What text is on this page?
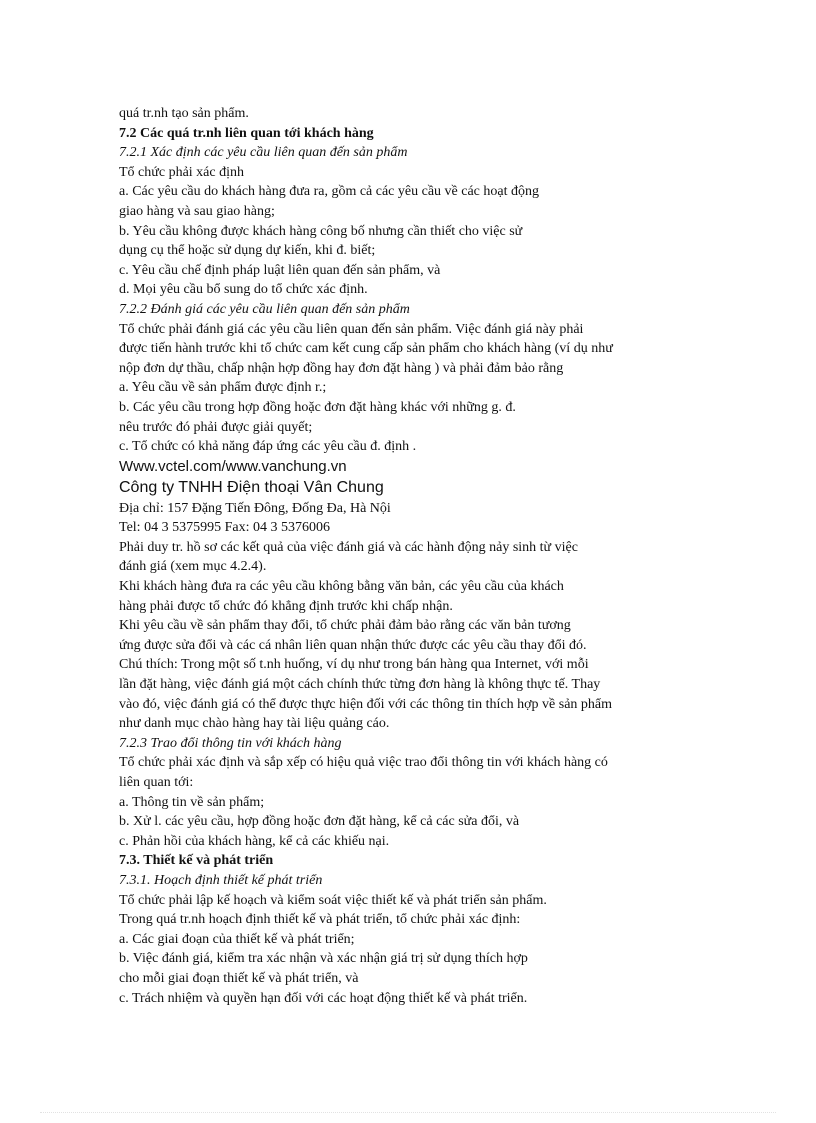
quá tr.nh tạo sản phẩm.
7.2 Các quá tr.nh liên quan tới khách hàng
7.2.1 Xác định các yêu cầu liên quan đến sản phẩm
Tổ chức phải xác định
a. Các yêu cầu do khách hàng đưa ra, gồm cả các yêu cầu về các hoạt động
giao hàng và sau giao hàng;
b. Yêu cầu không được khách hàng công bố nhưng cần thiết cho việc sử
dụng cụ thể hoặc sử dụng dự kiến, khi đ. biết;
c. Yêu cầu chế định pháp luật liên quan đến sản phẩm, và
d. Mọi yêu cầu bổ sung do tổ chức xác định.
7.2.2 Đánh giá các yêu cầu liên quan đến sản phẩm
Tổ chức phải đánh giá các yêu cầu liên quan đến sản phẩm. Việc đánh giá này phải
được tiến hành trước khi tổ chức cam kết cung cấp sản phẩm cho khách hàng (ví dụ như
nộp đơn dự thầu, chấp nhận hợp đồng hay đơn đặt hàng ) và phải đảm bảo rằng
a. Yêu cầu về sản phẩm được định r.;
b. Các yêu cầu trong hợp đồng hoặc đơn đặt hàng khác với những g. đ.
nêu trước đó phải được giải quyết;
c. Tổ chức có khả năng đáp ứng các yêu cầu đ. định .
Www.vctel.com/www.vanchung.vn
Công ty TNHH Điện thoại Vân Chung
Địa chỉ: 157 Đặng Tiến Đông, Đống Đa, Hà Nội
Tel: 04 3 5375995 Fax: 04 3 5376006
Phải duy tr. hồ sơ các kết quả của việc đánh giá và các hành động nảy sinh từ việc
đánh giá (xem mục 4.2.4).
Khi khách hàng đưa ra các yêu cầu không bằng văn bản, các yêu cầu của khách
hàng phải được tổ chức đó khẳng định trước khi chấp nhận.
Khi yêu cầu về sản phẩm thay đổi, tổ chức phải đảm bảo rằng các văn bản tương
ứng được sửa đổi và các cá nhân liên quan nhận thức được các yêu cầu thay đổi đó.
Chú thích: Trong một số t.nh huống, ví dụ như trong bán hàng qua Internet, với mỗi
lần đặt hàng, việc đánh giá một cách chính thức từng đơn hàng là không thực tế. Thay
vào đó, việc đánh giá có thể được thực hiện đối với các thông tin thích hợp về sản phẩm
như danh mục chào hàng hay tài liệu quảng cáo.
7.2.3 Trao đổi thông tin với khách hàng
Tổ chức phải xác định và sắp xếp có hiệu quả việc trao đổi thông tin với khách hàng có
liên quan tới:
a. Thông tin về sản phẩm;
b. Xử l. các yêu cầu, hợp đồng hoặc đơn đặt hàng, kể cả các sửa đổi, và
c. Phản hồi của khách hàng, kể cả các khiếu nại.
7.3. Thiết kế và phát triển
7.3.1. Hoạch định thiết kế phát triển
Tổ chức phải lập kế hoạch và kiểm soát việc thiết kế và phát triển sản phẩm.
Trong quá tr.nh hoạch định thiết kế và phát triển, tổ chức phải xác định:
a. Các giai đoạn của thiết kế và phát triển;
b. Việc đánh giá, kiểm tra xác nhận và xác nhận giá trị sử dụng thích hợp
cho mỗi giai đoạn thiết kế và phát triển, và
c. Trách nhiệm và quyền hạn đối với các hoạt động thiết kế và phát triển.
